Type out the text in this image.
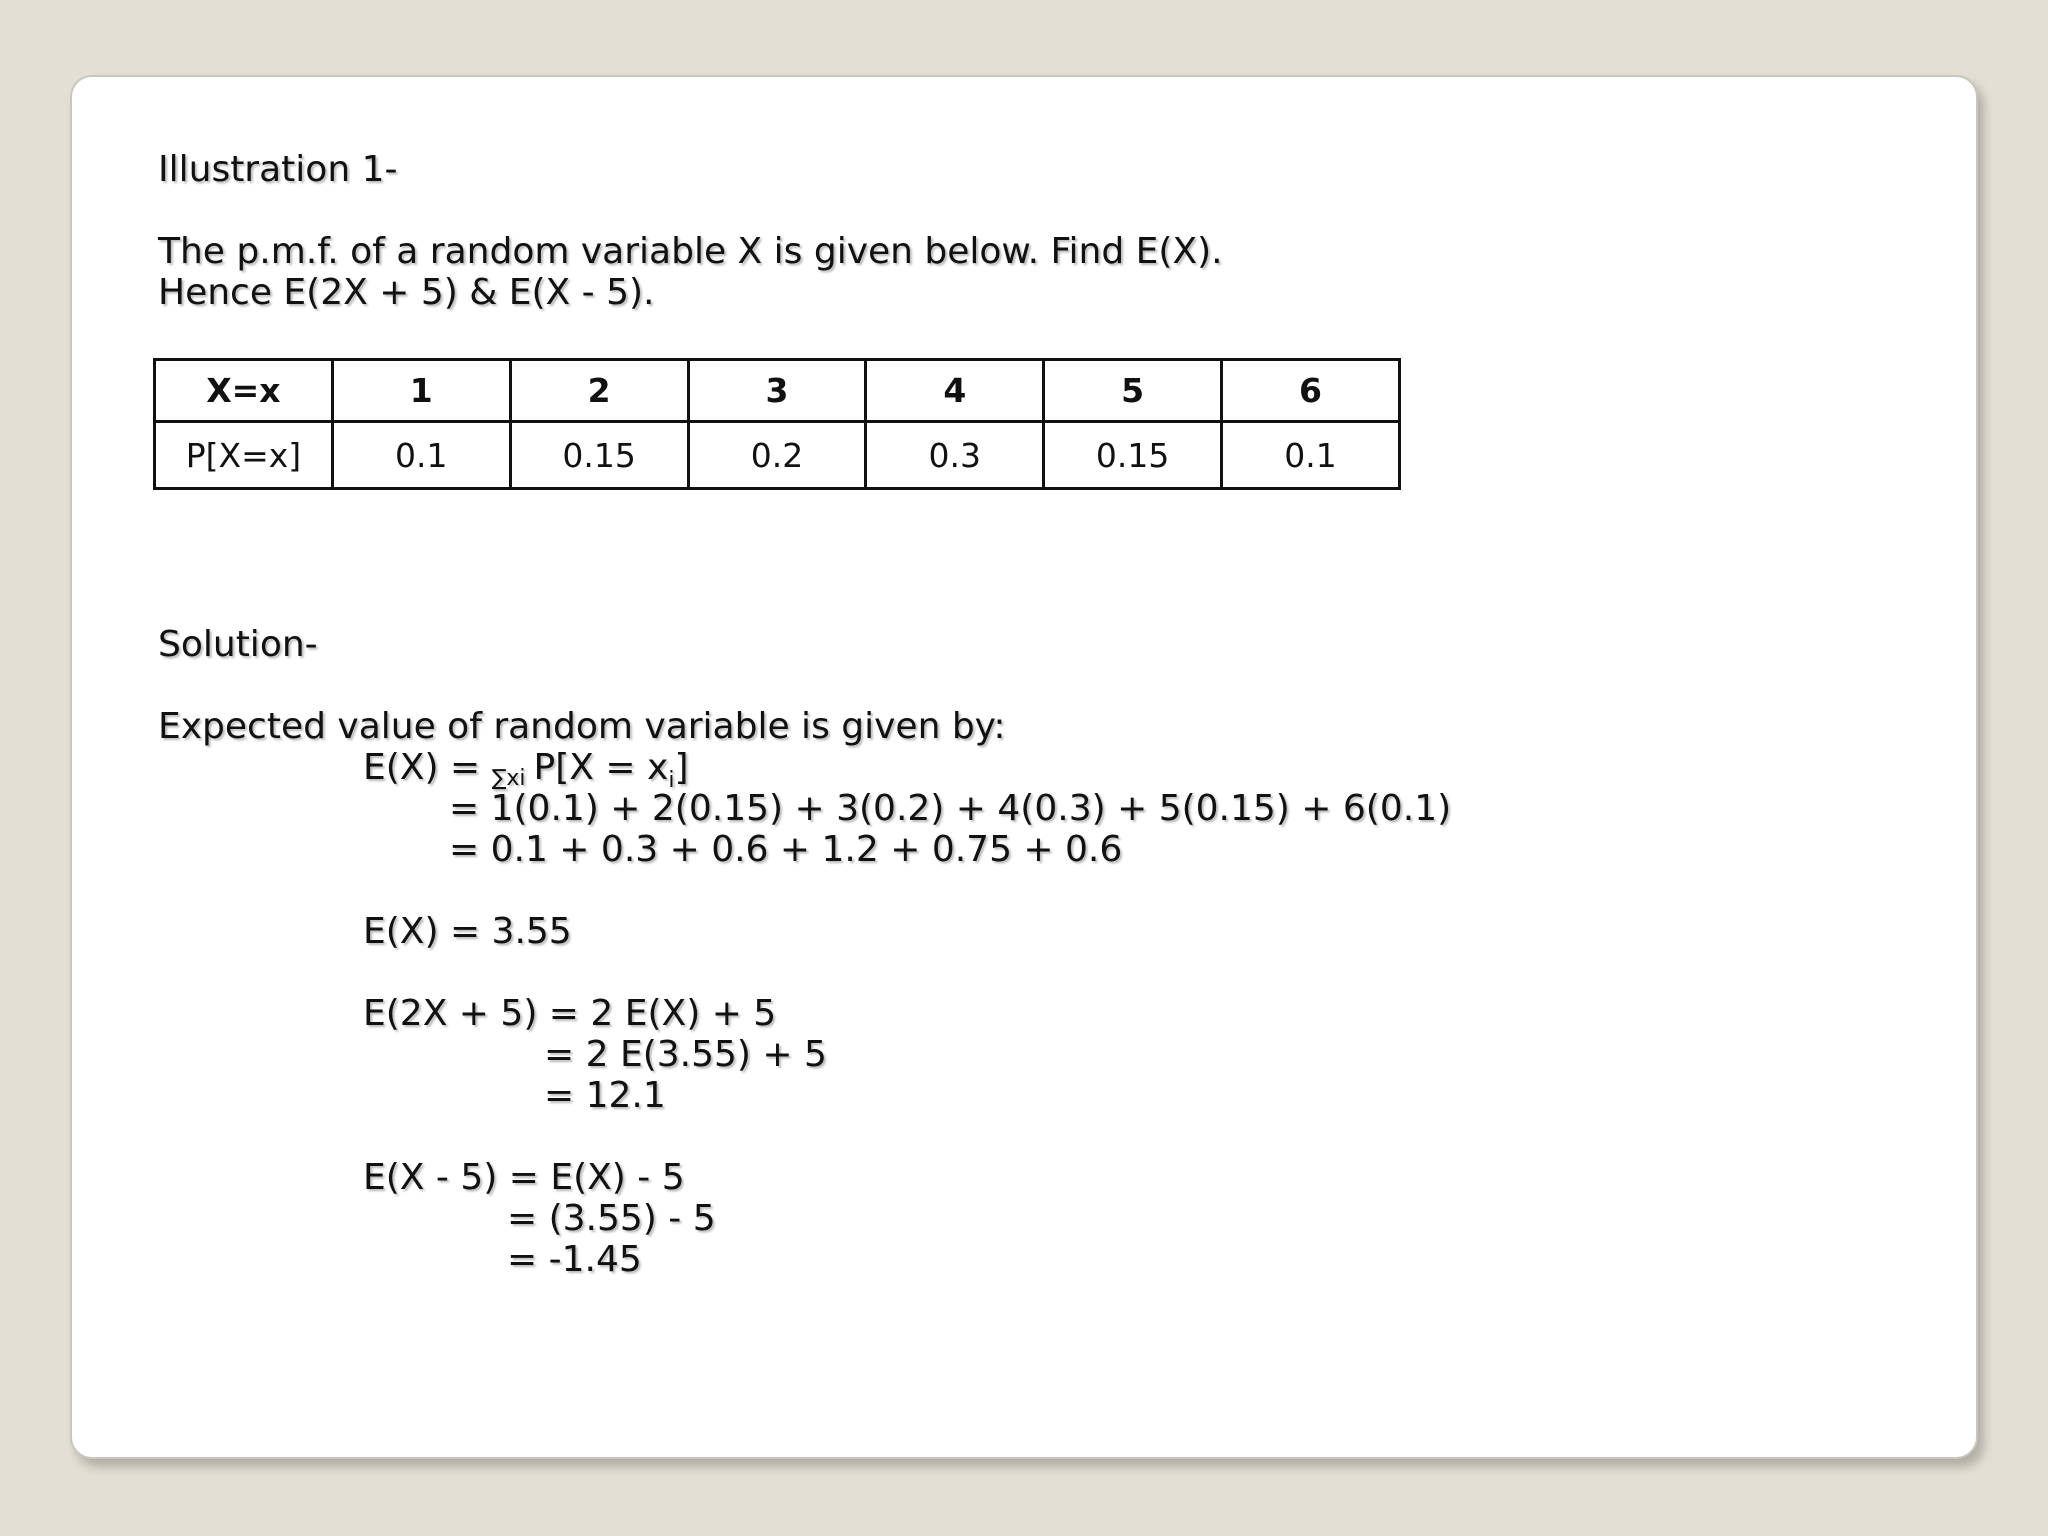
Illustration 1-
The p.m.f. of a random variable X is given below. Find E(X).
Hence E(2X + 5) & E(X - 5).
X=x	1	2	3	4	5	6
P[X=x]	0.1	0.15	0.2	0.3	0.15	0.1
Solution-
Expected value of random variable is given by:
E(X) = ∑xi $P[X = x_i]$
= 1(0.1) + 2(0.15) + 3(0.2) + 4(0.3) + 5(0.15) + 6(0.1)
= 0.1 + 0.3 + 0.6 + 1.2 + 0.75 + 0.6
E(X) = 3.55
E(2X + 5) = 2 E(X) + 5
= 2 E(3.55) + 5
= 12.1
E(X - 5) = E(X) - 5
= (3.55) - 5
= -1.45
